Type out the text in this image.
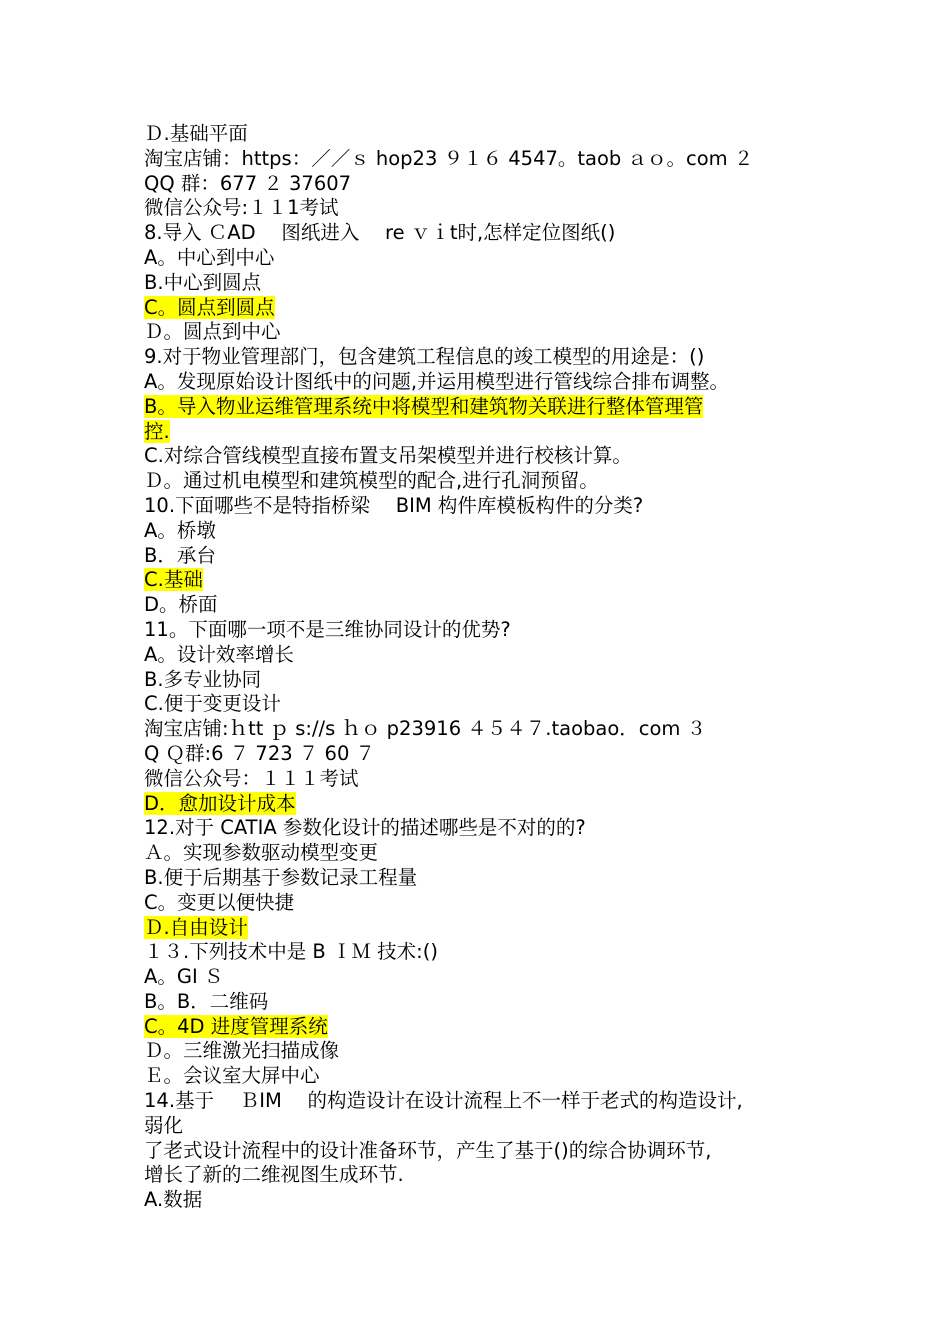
Ｄ.基础平面
淘宝店铺：https：／／ｓ hop23 ９１６ 4547。taob ａｏ。com ２
QQ 群：677 ２ 37607
微信公众号:１１1考试
8.导入 ＣAD　 图纸进入　 re ｖｉt时,怎样定位图纸()
A。中心到中心
B.中心到圆点
C。圆点到圆点
Ｄ。圆点到中心
9.对于物业管理部门，包含建筑工程信息的竣工模型的用途是：()
A。发现原始设计图纸中的问题,并运用模型进行管线综合排布调整。
B。导入物业运维管理系统中将模型和建筑物关联进行整体管理管
控.
C.对综合管线模型直接布置支吊架模型并进行校核计算。
Ｄ。通过机电模型和建筑模型的配合,进行孔洞预留。
10.下面哪些不是特指桥梁　 BIM 构件库模板构件的分类?
A。桥墩
B．承台
C.基础
D。桥面
11。下面哪一项不是三维协同设计的优势?
A。设计效率增长
B.多专业协同
C.便于变更设计
淘宝店铺:ｈtt ｐ s://s ｈｏ p23916 ４５４７.taobao．com ３
Q Ｑ群:6 ７ 723 ７ 60 ７
微信公众号：１１１考试
D．愈加设计成本
12.对于 CATIA 参数化设计的描述哪些是不对的的?
Ａ。实现参数驱动模型变更
B.便于后期基于参数记录工程量
C。变更以便快捷
Ｄ.自由设计
１３.下列技术中是 B ＩＭ 技术:()
A。GI Ｓ
B。B．二维码
C。4D 进度管理系统
Ｄ。三维激光扫描成像
Ｅ。会议室大屏中心
14.基于　 ＢIM　 的构造设计在设计流程上不一样于老式的构造设计,
弱化
了老式设计流程中的设计准备环节，产生了基于()的综合协调环节,
增长了新的二维视图生成环节.
A.数据
